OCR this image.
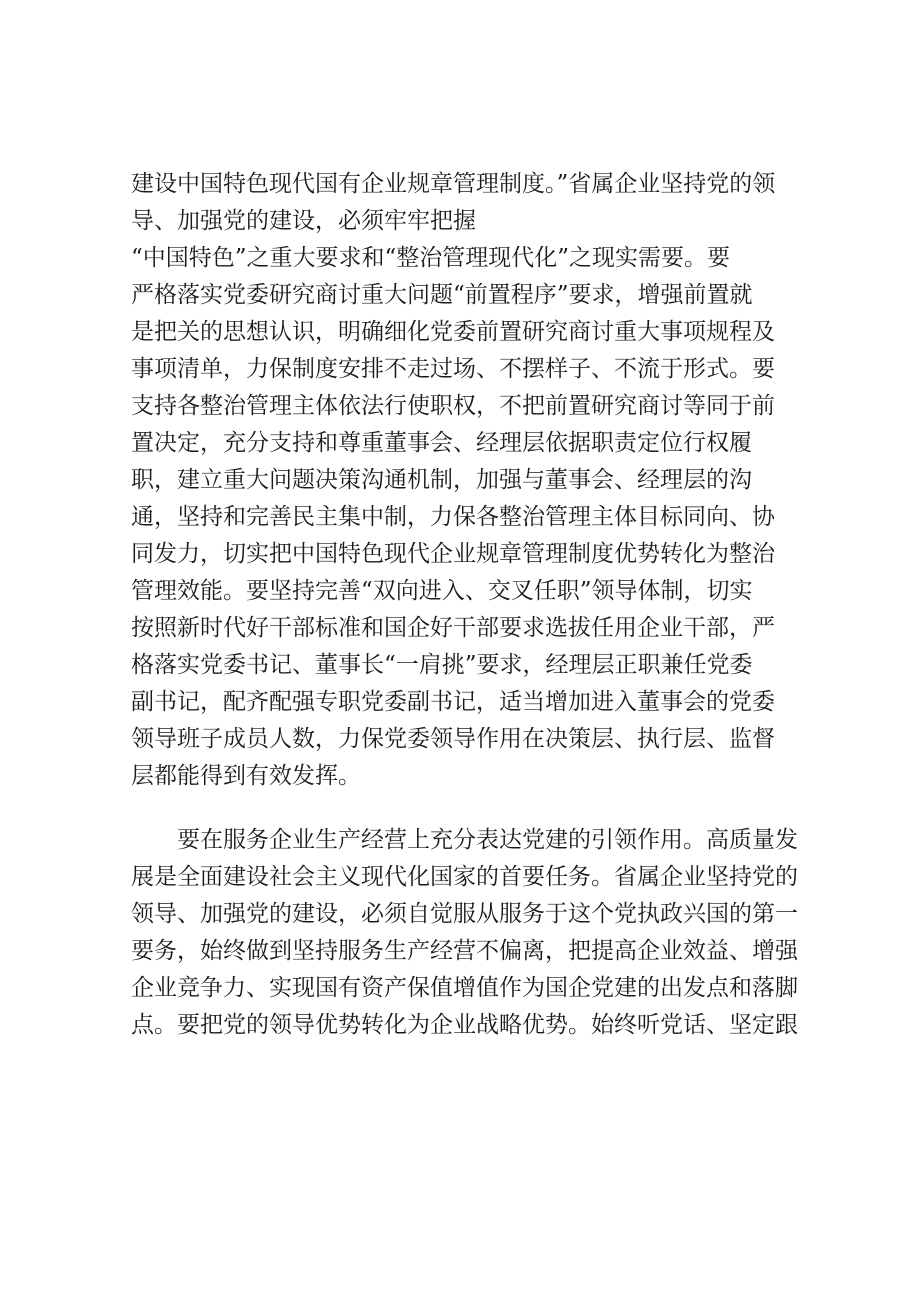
建设中国特色现代国有企业规章管理制度。”省属企业坚持党的领
导、加强党的建设，必须牢牢把握
“中国特色”之重大要求和“整治管理现代化”之现实需要。要
严格落实党委研究商讨重大问题“前置程序”要求，增强前置就
是把关的思想认识，明确细化党委前置研究商讨重大事项规程及
事项清单，力保制度安排不走过场、不摆样子、不流于形式。要
支持各整治管理主体依法行使职权，不把前置研究商讨等同于前
置决定，充分支持和尊重董事会、经理层依据职责定位行权履
职，建立重大问题决策沟通机制，加强与董事会、经理层的沟
通，坚持和完善民主集中制，力保各整治管理主体目标同向、协
同发力，切实把中国特色现代企业规章管理制度优势转化为整治
管理效能。要坚持完善“双向进入、交叉任职”领导体制，切实
按照新时代好干部标准和国企好干部要求选拔任用企业干部，严
格落实党委书记、董事长“一肩挑”要求，经理层正职兼任党委
副书记，配齐配强专职党委副书记，适当增加进入董事会的党委
领导班子成员人数，力保党委领导作用在决策层、执行层、监督
层都能得到有效发挥。
要在服务企业生产经营上充分表达党建的引领作用。高质量发
展是全面建设社会主义现代化国家的首要任务。省属企业坚持党的
领导、加强党的建设，必须自觉服从服务于这个党执政兴国的第一
要务，始终做到坚持服务生产经营不偏离，把提高企业效益、增强
企业竞争力、实现国有资产保值增值作为国企党建的出发点和落脚
点。要把党的领导优势转化为企业战略优势。始终听党话、坚定跟
